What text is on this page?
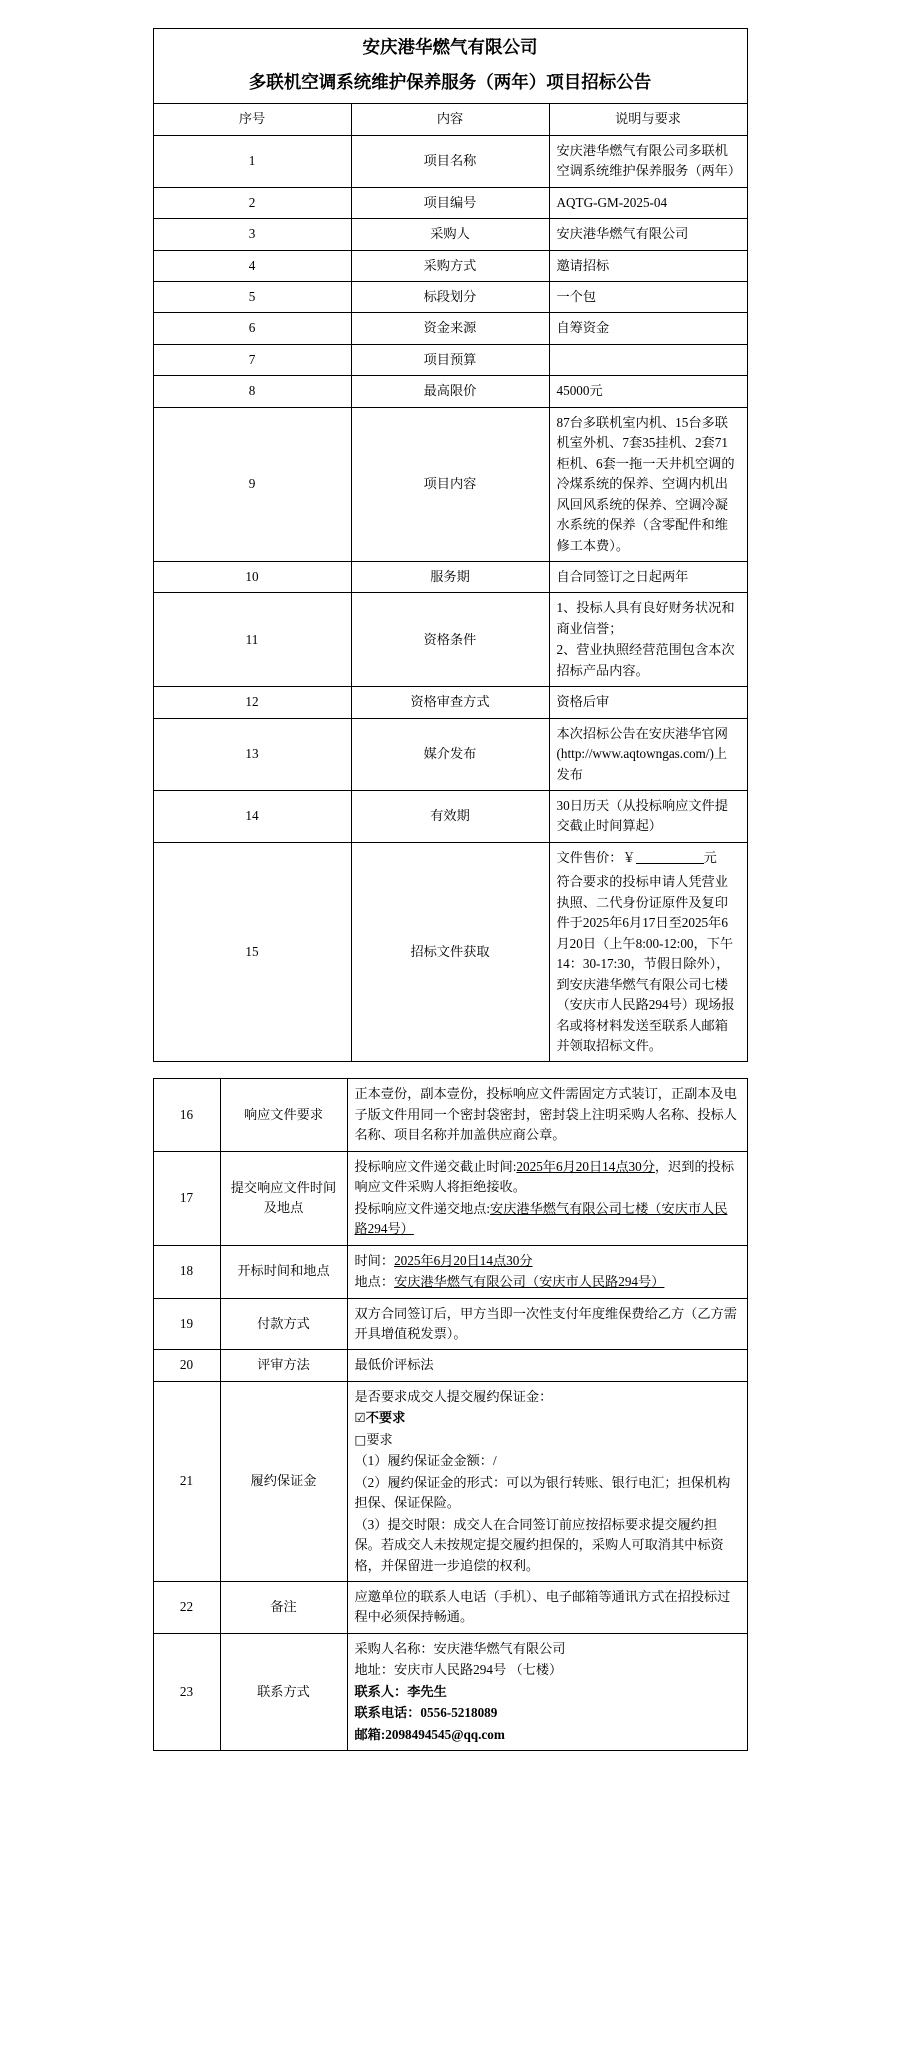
安庆港华燃气有限公司
多联机空调系统维护保养服务（两年）项目招标公告		

序号	内容	说明与要求
1	项目名称	安庆港华燃气有限公司多联机空调系统维护保养服务（两年）
2	项目编号	AQTG-GM-2025-04
3	采购人	安庆港华燃气有限公司
4	采购方式	邀请招标
5	标段划分	一个包
6	资金来源	自筹资金
7	项目预算	
8	最高限价	45000元
9	项目内容	87台多联机室内机、15台多联机室外机、7套35挂机、2套71柜机、6套一拖一天井机空调的冷煤系统的保养、空调内机出风回风系统的保养、空调冷凝水系统的保养（含零配件和维修工本费）。
10	服务期	自合同签订之日起两年
11	资格条件	1、投标人具有良好财务状况和商业信誉；

2、营业执照经营范围包含本次招标产品内容。

12	资格审查方式	资格后审
13	媒介发布	本次招标公告在安庆港华官网(http://www.aqtowngas.com/)上发布
14	有效期	30日历天（从投标响应文件提交截止时间算起）
15	招标文件获取	文件售价：￥ 元

符合要求的投标申请人凭营业执照、二代身份证原件及复印件于2025年6月17日至2025年6月20日（上午8:00-12:00，下午14：30-17:30，节假日除外），到安庆港华燃气有限公司七楼（安庆市人民路294号）现场报名或将材料发送至联系人邮箱并领取招标文件。

16	响应文件要求	正本壹份，副本壹份，投标响应文件需固定方式装订，正副本及电子版文件用同一个密封袋密封，密封袋上注明采购人名称、投标人名称、项目名称并加盖供应商公章。
17	提交响应文件时间及地点	投标响应文件递交截止时间:2025年6月20日14点30分，迟到的投标响应文件采购人将拒绝接收。

投标响应文件递交地点:安庆港华燃气有限公司七楼（安庆市人民路294号）

18	开标时间和地点	时间：2025年6月20日14点30分

地点：安庆港华燃气有限公司（安庆市人民路294号）

19	付款方式	双方合同签订后，甲方当即一次性支付年度维保费给乙方（乙方需开具增值税发票）。
20	评审方法	最低价评标法
21	履约保证金	

是否要求成交人提交履约保证金：

☑不要求

□要求

（1）履约保证金金额：/

（2）履约保证金的形式：可以为银行转账、银行电汇；担保机构担保、保证保险。

（3）提交时限：成交人在合同签订前应按招标要求提交履约担保。若成交人未按规定提交履约担保的，采购人可取消其中标资格，并保留进一步追偿的权利。

22	备注	应邀单位的联系人电话（手机）、电子邮箱等通讯方式在招投标过程中必须保持畅通。
23	联系方式	采购人名称：安庆港华燃气有限公司

地址：安庆市人民路294号 （七楼）

联系人：李先生

联系电话：0556-5218089

邮箱:2098494545@qq.com
